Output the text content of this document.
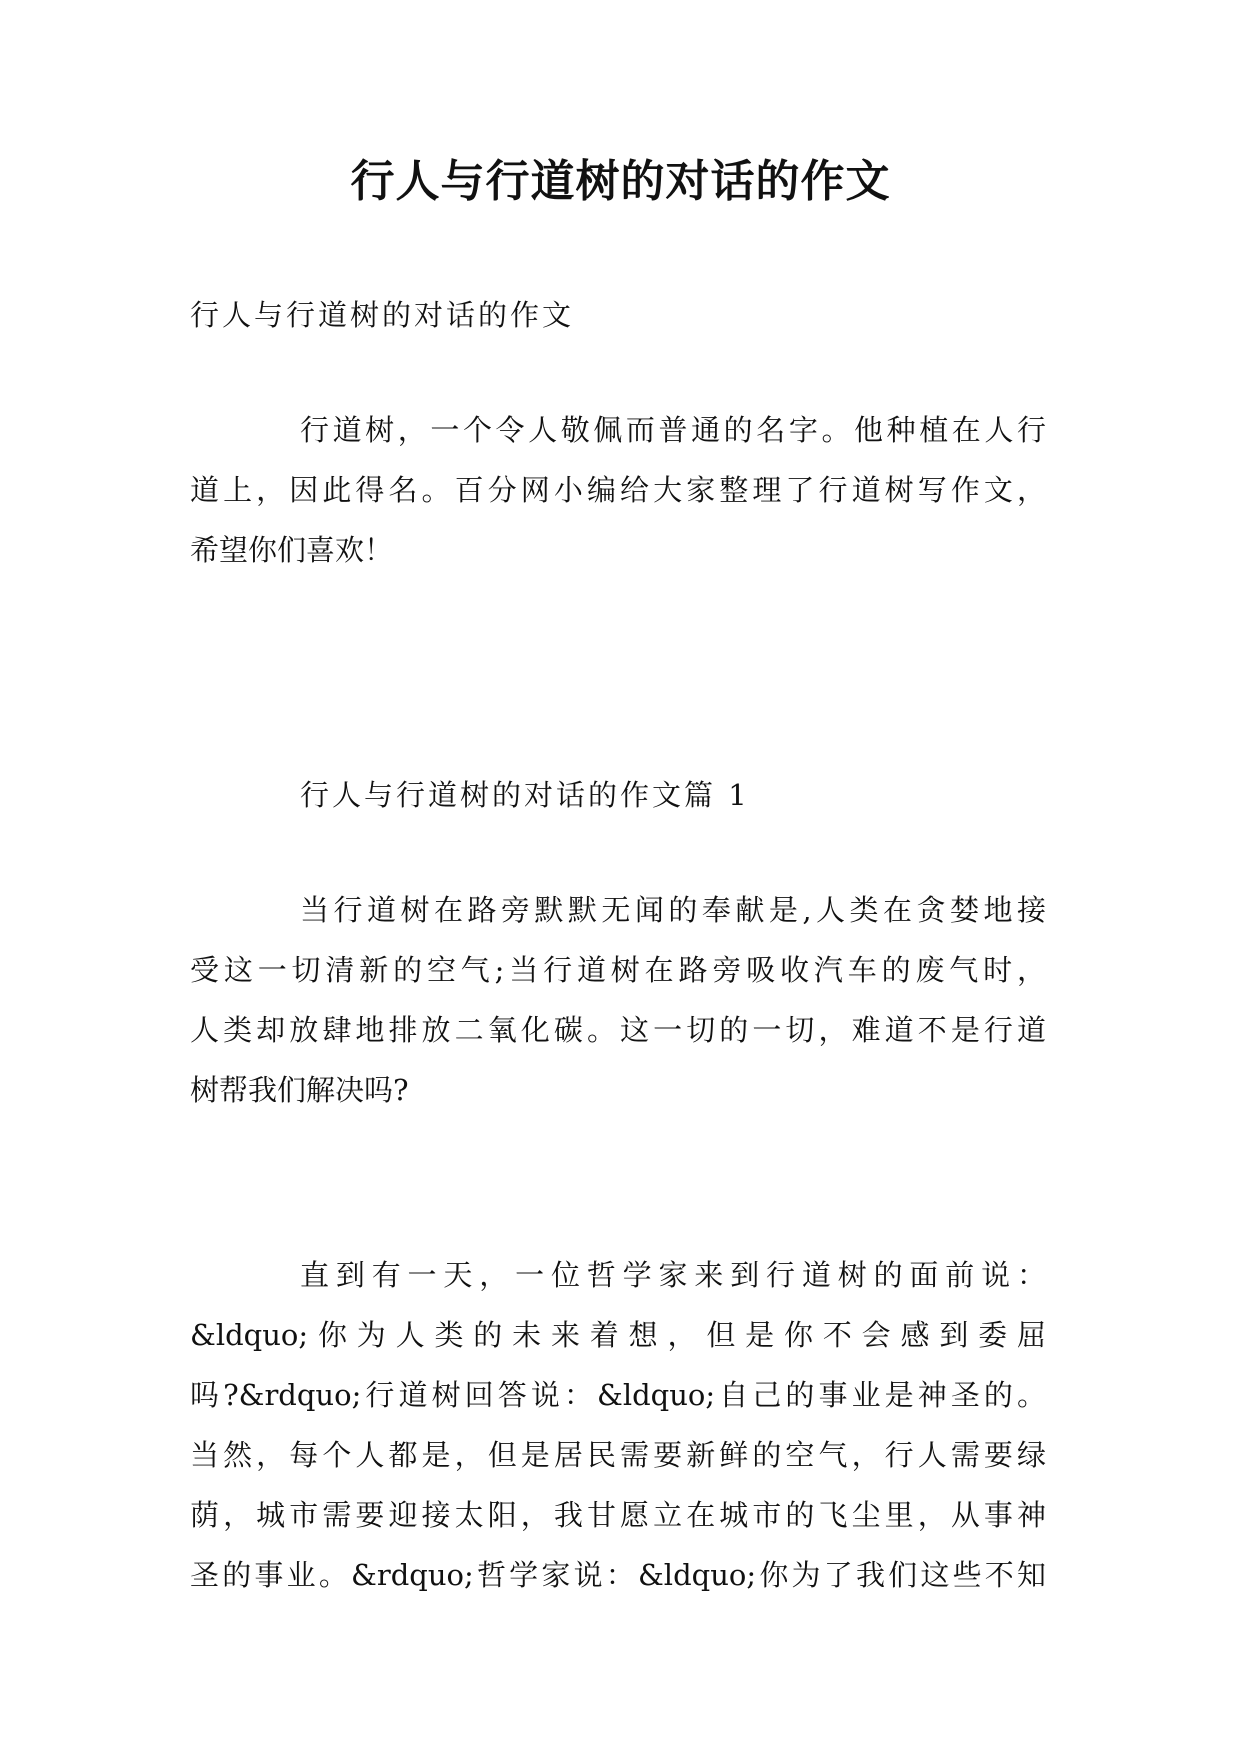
行人与行道树的对话的作文

行人与行道树的对话的作文

行道树，一个令人敬佩而普通的名字。他种植在人行
道上，因此得名。百分网小编给大家整理了行道树写作文，
希望你们喜欢！

行人与行道树的对话的作文篇 1

当行道树在路旁默默无闻的奉献是,人类在贪婪地接
受这一切清新的空气;当行道树在路旁吸收汽车的废气时，
人类却放肆地排放二氧化碳。这一切的一切，难道不是行道
树帮我们解决吗?
直到有一天，一位哲学家来到行道树的面前说：
&ldquo;你为人类的未来着想，但是你不会感到委屈
吗?&rdquo;行道树回答说：&ldquo;自己的事业是神圣的。
当然，每个人都是，但是居民需要新鲜的空气，行人需要绿
荫，城市需要迎接太阳，我甘愿立在城市的飞尘里，从事神
圣的事业。&rdquo;哲学家说：&ldquo;你为了我们这些不知
